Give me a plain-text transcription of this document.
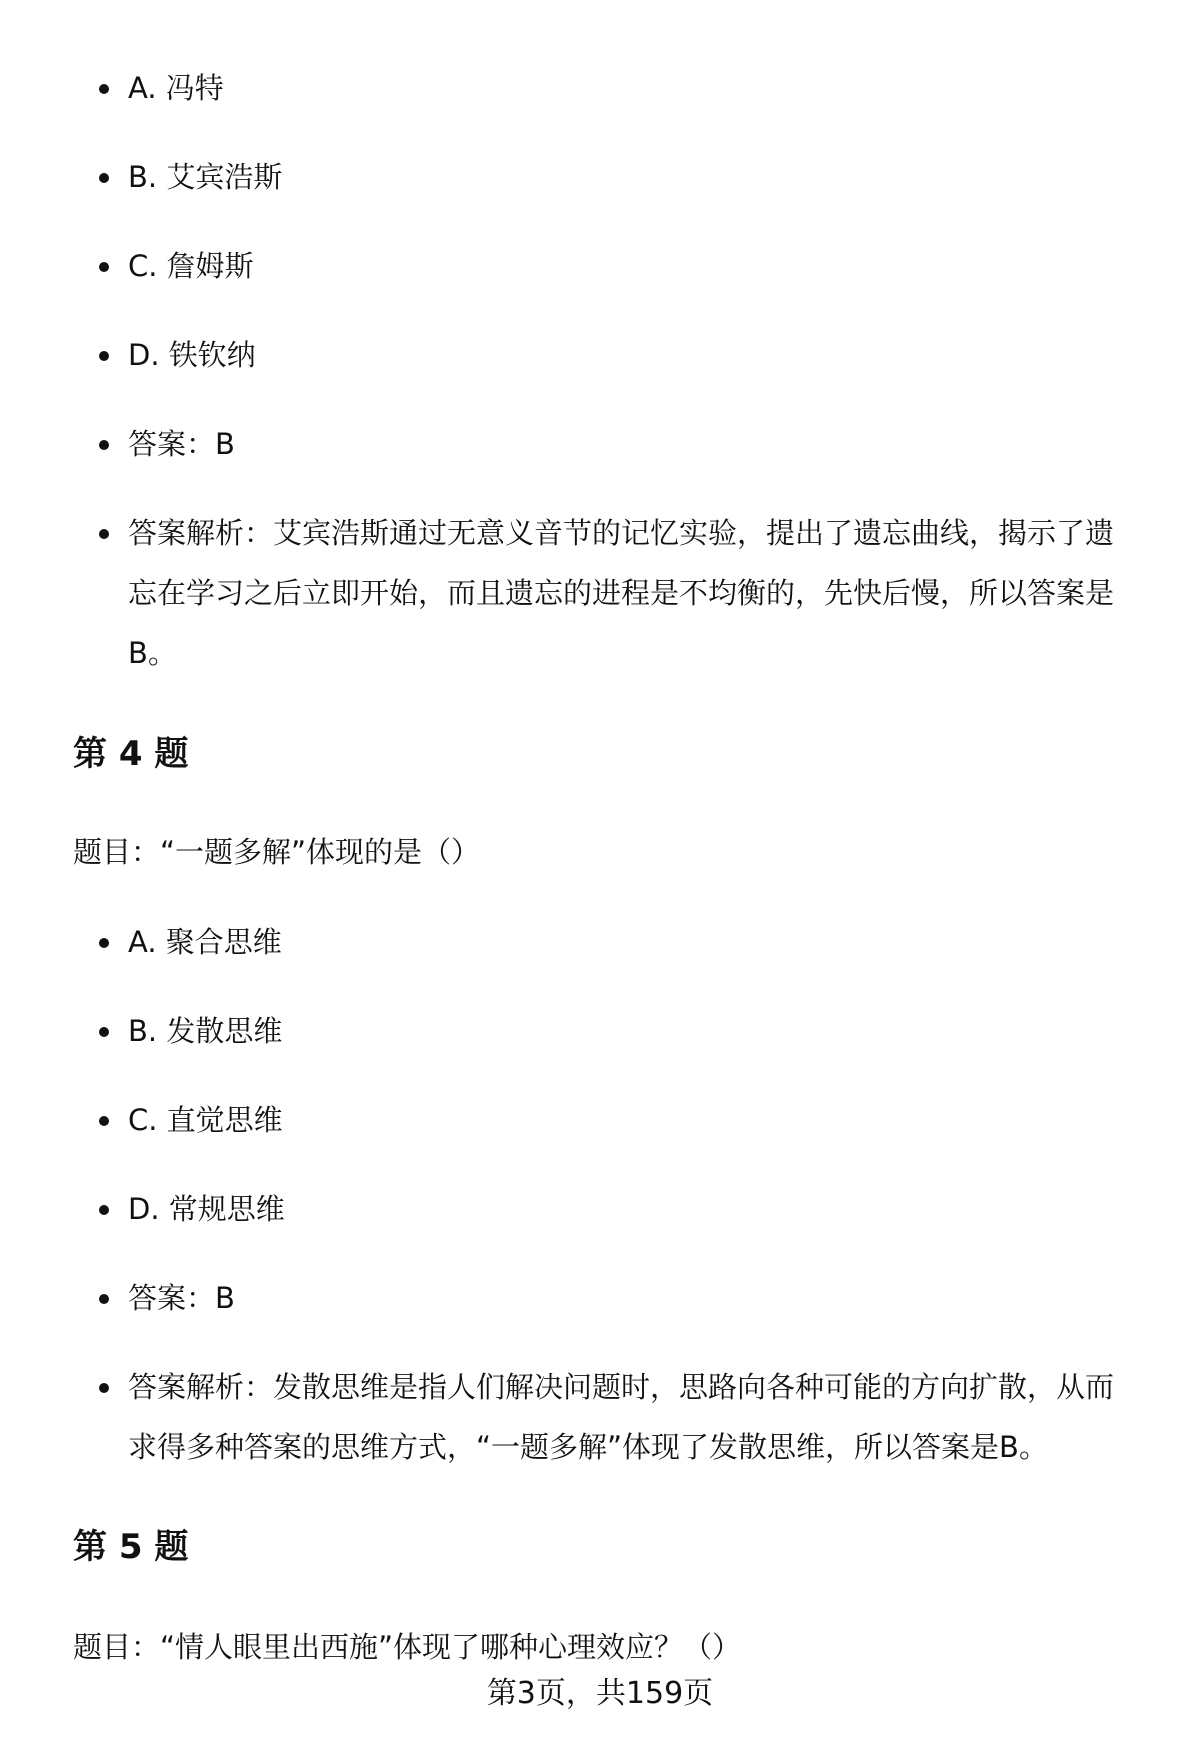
A. 冯特
B. 艾宾浩斯
C. 詹姆斯
D. 铁钦纳
答案：B
答案解析：艾宾浩斯通过无意义音节的记忆实验，提出了遗忘曲线，揭示了遗忘在学习之后立即开始，而且遗忘的进程是不均衡的，先快后慢，所以答案是B。
第 4 题
题目：“一题多解”体现的是（）
A. 聚合思维
B. 发散思维
C. 直觉思维
D. 常规思维
答案：B
答案解析：发散思维是指人们解决问题时，思路向各种可能的方向扩散，从而求得多种答案的思维方式，“一题多解”体现了发散思维，所以答案是B。
第 5 题
题目：“情人眼里出西施”体现了哪种心理效应？（）
第3页，共159页
